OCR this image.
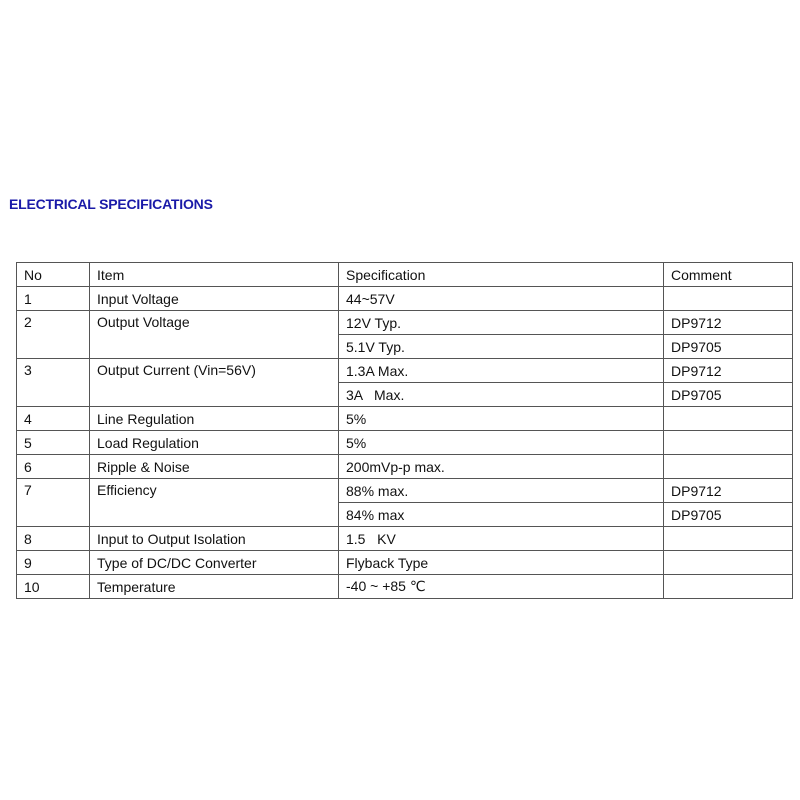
ELECTRICAL SPECIFICATIONS
No	Item	Specification	Comment
1	Input Voltage	44~57V	
2	Output Voltage	12V Typ.	DP9712
		5.1V Typ.	DP9705
3	Output Current (Vin=56V)	1.3A Max.	DP9712
		3A   Max.	DP9705
4	Line Regulation	5%	
5	Load Regulation	5%	
6	Ripple & Noise	200mVp-p max.	
7	Efficiency	88% max.	DP9712
		84% max	DP9705
8	Input to Output Isolation	1.5   KV	
9	Type of DC/DC Converter	Flyback Type	
10	Temperature	-40 ~ +85 ℃	
